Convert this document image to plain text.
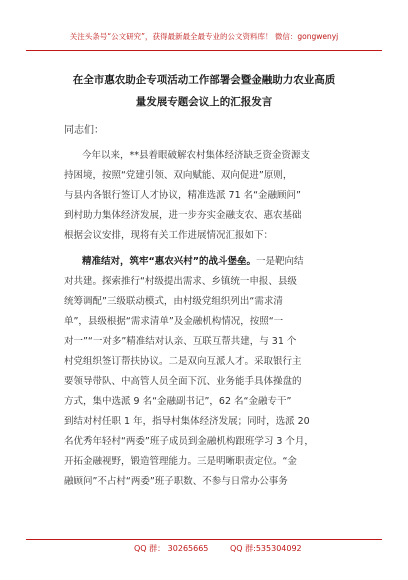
关注头条号“公文研究”，获得最新最全最专业的公文资料库！ 微信：gongwenyj
在全市惠农助企专项活动工作部署会暨金融助力农业高质
量发展专题会议上的汇报发言
同志们：
今年以来，**县着眼破解农村集体经济缺乏资金资源支
持困境，按照“党建引领、双向赋能、双向促进”原则，
与县内各银行签订人才协议，精准选派 71 名“金融顾问”
到村助力集体经济发展，进一步夯实金融支农、惠农基础
根据会议安排，现将有关工作进展情况汇报如下：
精准结对，筑牢“惠农兴村”的战斗堡垒。一是靶向结
对共建。探索推行“村级提出需求、乡镇统一申报、县级
统筹调配”三级联动模式，由村级党组织列出“需求清
单”，县级根据“需求清单”及金融机构情况，按照“一
对一”“一对多”精准结对认亲、互联互帮共建，与 31 个
村党组织签订帮扶协议。二是双向互派人才。采取银行主
要领导带队、中高管人员全面下沉、业务能手具体操盘的
方式，集中选派 9 名“金融副书记”，62 名“金融专干”
到结对村任职 1 年，指导村集体经济发展；同时，选派 20
名优秀年轻村“两委”班子成员到金融机构跟班学习 3 个月，
开拓金融视野，锻造管理能力。三是明晰职责定位。“金
融顾问”不占村“两委”班子职数、不参与日常办公事务
QQ 群： 30265665	QQ 群:535304092
